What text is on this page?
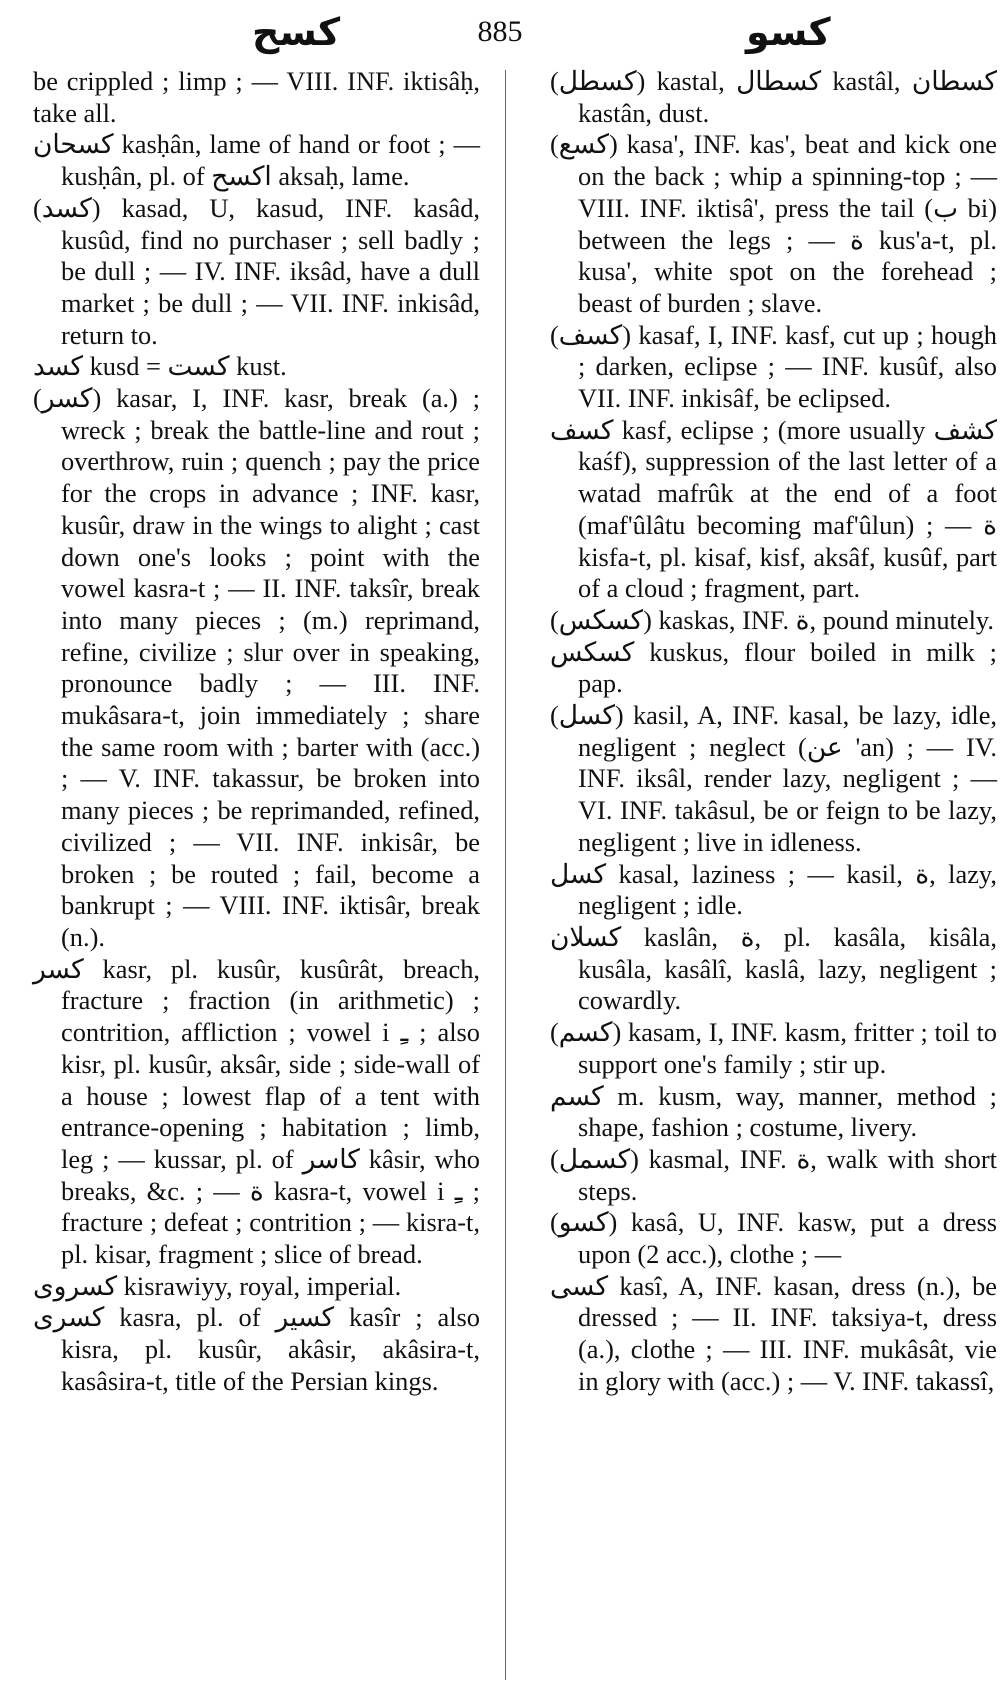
كسح	885	كسو

be crippled ; limp ; — VIII. INF. iktisâḥ, take all.

كسحان kasḥân, lame of hand or foot ; — kusḥân, pl. of اكسح aksaḥ, lame.

(كسد) kasad, U, kasud, INF. kasâd, kusûd, find no purchaser ; sell badly ; be dull ; — IV. INF. iksâd, have a dull market ; be dull ; — VII. INF. inkisâd, return to.

كسد kusd = كست kust.

(كسر) kasar, I, INF. kasr, break (a.) ; wreck ; break the battle-line and rout ; overthrow, ruin ; quench ; pay the price for the crops in advance ; INF. kasr, kusûr, draw in the wings to alight ; cast down one's looks ; point with the vowel kasra-t ; — II. INF. taksîr, break into many pieces ; (m.) reprimand, refine, civilize ; slur over in speaking, pronounce badly ; — III. INF. mukâsara-t, join immediately ; share the same room with ; barter with (acc.) ; — V. INF. takassur, be broken into many pieces ; be reprimanded, refined, civilized ; — VII. INF. inkisâr, be broken ; be routed ; fail, become a bankrupt ; — VIII. INF. iktisâr, break (n.).

كسر kasr, pl. kusûr, kusûrât, breach, fracture ; fraction (in arithmetic) ; contrition, affliction ; vowel i ـِ ; also kisr, pl. kusûr, aksâr, side ; side-wall of a house ; lowest flap of a tent with entrance-opening ; habitation ; limb, leg ; — kussar, pl. of كاسر kâsir, who breaks, &c. ; — ة kasra-t, vowel i ـِ ; fracture ; defeat ; contrition ; — kisra-t, pl. kisar, fragment ; slice of bread.

كسروى kisrawiyy, royal, imperial.

كسرى kasra, pl. of كسير kasîr ; also kisra, pl. kusûr, akâsir, akâsira-t, kasâsira-t, title of the Persian kings.

(كسطل) kastal, كسطال kastâl, كسطان kastân, dust.

(كسع) kasa', INF. kas', beat and kick one on the back ; whip a spinning-top ; — VIII. INF. iktisâ', press the tail (ب bi) between the legs ; — ة kus'a-t, pl. kusa', white spot on the forehead ; beast of burden ; slave.

(كسف) kasaf, I, INF. kasf, cut up ; hough ; darken, eclipse ; — INF. kusûf, also VII. INF. inkisâf, be eclipsed.

كسف kasf, eclipse ; (more usually كشف kaśf), suppression of the last letter of a watad mafrûk at the end of a foot (maf'ûlâtu becoming maf'ûlun) ; — ة kisfa-t, pl. kisaf, kisf, aksâf, kusûf, part of a cloud ; fragment, part.

(كسكس) kaskas, INF. ة, pound minutely.

كسكس kuskus, flour boiled in milk ; pap.

(كسل) kasil, A, INF. kasal, be lazy, idle, negligent ; neglect (عن 'an) ; — IV. INF. iksâl, render lazy, negligent ; — VI. INF. takâsul, be or feign to be lazy, negligent ; live in idleness.

كسل kasal, laziness ; — kasil, ة, lazy, negligent ; idle.

كسلان kaslân, ة, pl. kasâla, kisâla, kusâla, kasâlî, kaslâ, lazy, negligent ; cowardly.

(كسم) kasam, I, INF. kasm, fritter ; toil to support one's family ; stir up.

كسم m. kusm, way, manner, method ; shape, fashion ; costume, livery.

(كسمل) kasmal, INF. ة, walk with short steps.

(كسو) kasâ, U, INF. kasw, put a dress upon (2 acc.), clothe ; —

كسى kasî, A, INF. kasan, dress (n.), be dressed ; — II. INF. taksiya-t, dress (a.), clothe ; — III. INF. mukâsât, vie in glory with (acc.) ; — V. INF. takassî,
